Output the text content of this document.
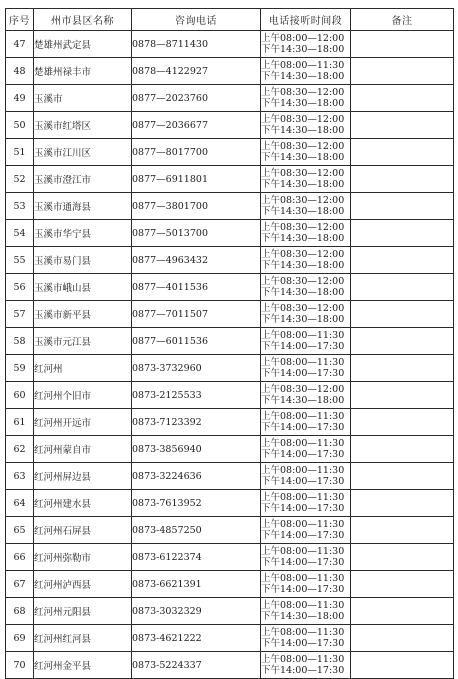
序号	州市县区名称	咨询电话	电话接听时间段	备注
47	楚雄州武定县	0878—8711430	上午08:00—12:00
下午14:30—18:00	

48	楚雄州禄丰市	0878—4122927	上午08:00—11:30
下午14:30—18:00	

49	玉溪市	0877—2023760	上午08:30—12:00
下午14:30—18:00	

50	玉溪市红塔区	0877—2036677	上午08:30—12:00
下午14:30—18:00	

51	玉溪市江川区	0877—8017700	上午08:30—12:00
下午14:30—18:00	

52	玉溪市澄江市	0877—6911801	上午08:30—12:00
下午14:30—18:00	

53	玉溪市通海县	0877—3801700	上午08:30—12:00
下午14:30—18:00	

54	玉溪市华宁县	0877—5013700	上午08:30—12:00
下午14:30—18:00	

55	玉溪市易门县	0877—4963432	上午08:30—12:00
下午14:30—18:00	

56	玉溪市峨山县	0877—4011536	上午08:30—12:00
下午14:30—18:00	

57	玉溪市新平县	0877—7011507	上午08:30—12:00
下午14:30—18:00	

58	玉溪市元江县	0877—6011536	上午08:00—11:30
下午14:00—17:30	

59	红河州	0873-3732960	上午08:00—11:30
下午14:00—17:30	

60	红河州个旧市	0873-2125533	上午08:30—12:00
下午14:30—18:00	

61	红河州开远市	0873-7123392	上午08:00—11:30
下午14:00—17:30	

62	红河州蒙自市	0873-3856940	上午08:00—11:30
下午14:00—17:30	

63	红河州屏边县	0873-3224636	上午08:00—11:30
下午14:00—17:30	

64	红河州建水县	0873-7613952	上午08:00—11:30
下午14:00—17:30	

65	红河州石屏县	0873-4857250	上午08:00—11:30
下午14:00—17:30	

66	红河州弥勒市	0873-6122374	上午08:00—11:30
下午14:00—17:30	

67	红河州泸西县	0873-6621391	上午08:00—11:30
下午14:00—17:30	

68	红河州元阳县	0873-3032329	上午08:00—11:30
下午14:30—18:00	

69	红河州红河县	0873-4621222	上午08:00—11:30
下午14:00—17:30	

70	红河州金平县	0873-5224337	上午08:00—11:30
下午14:00—17:30	
